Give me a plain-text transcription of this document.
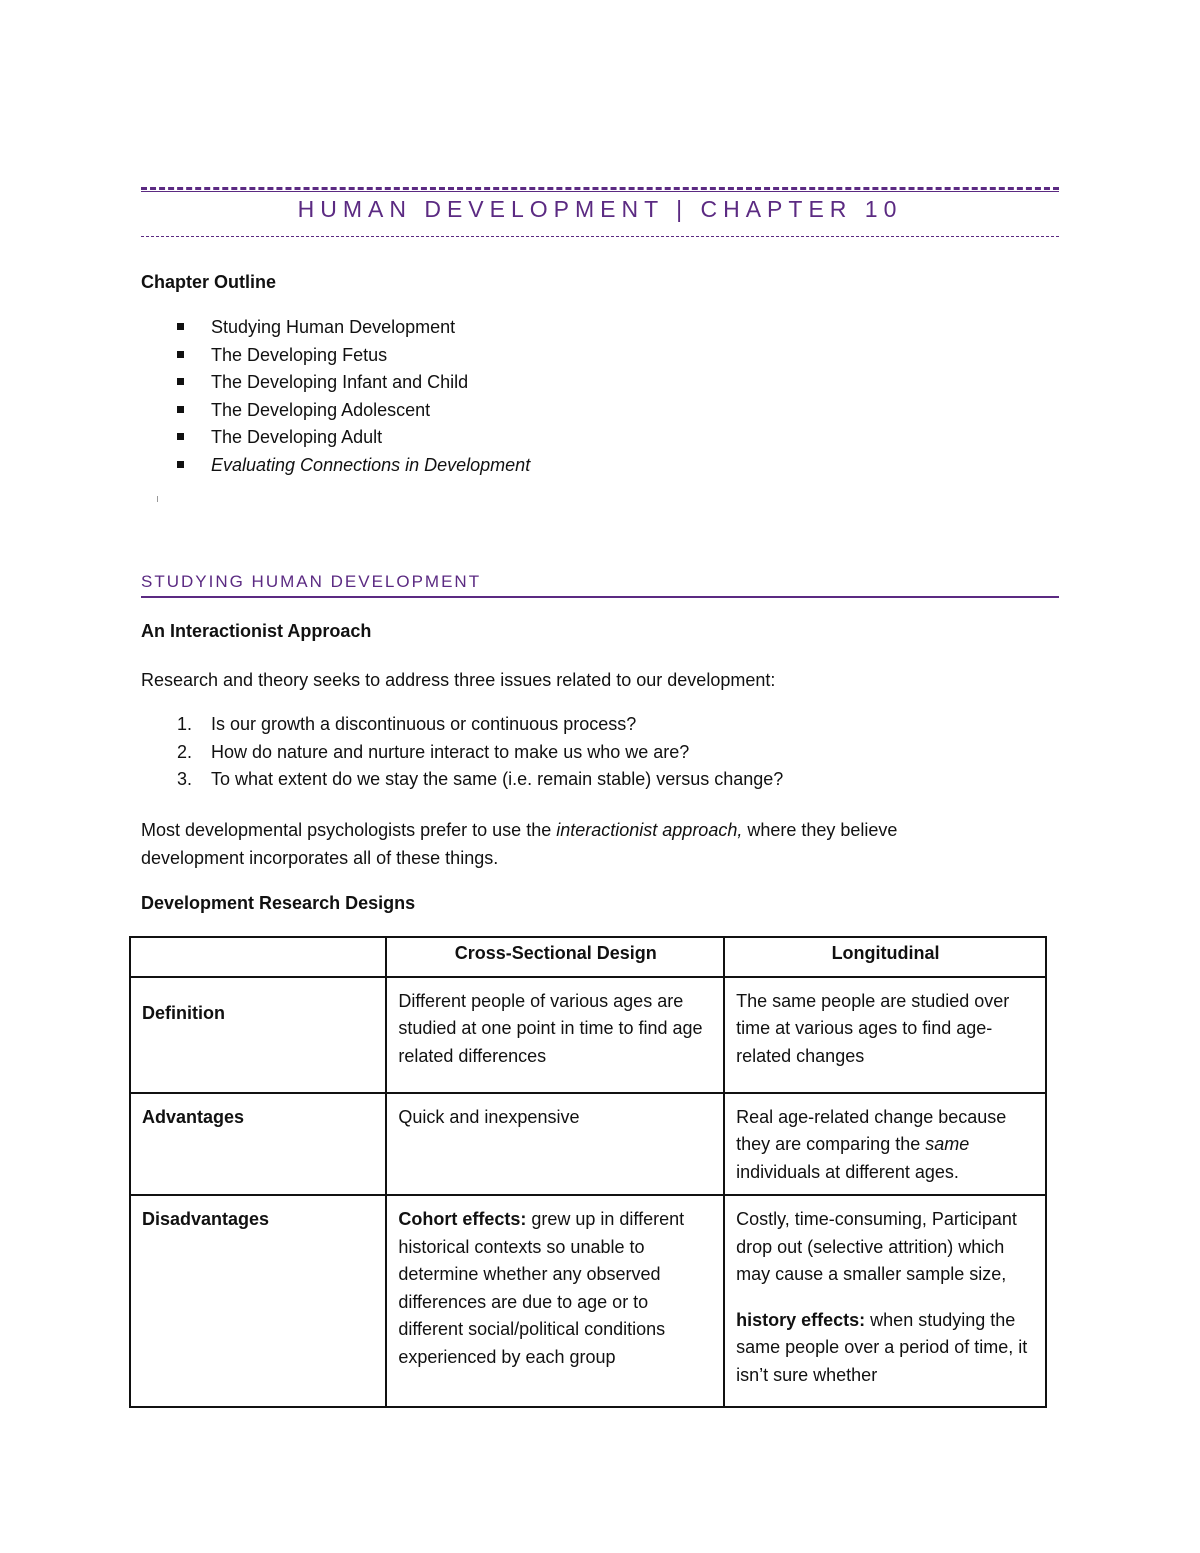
HUMAN DEVELOPMENT | CHAPTER 10
Chapter Outline
Studying Human Development
The Developing Fetus
The Developing Infant and Child
The Developing Adolescent
The Developing Adult
Evaluating Connections in Development
STUDYING HUMAN DEVELOPMENT
An Interactionist Approach
Research and theory seeks to address three issues related to our development:
1. Is our growth a discontinuous or continuous process?
2. How do nature and nurture interact to make us who we are?
3. To what extent do we stay the same (i.e. remain stable) versus change?
Most developmental psychologists prefer to use the interactionist approach, where they believe development incorporates all of these things.
Development Research Designs
	Cross-Sectional Design	Longitudinal
Definition	Different people of various ages are studied at one point in time to find age related differences	The same people are studied over time at various ages to find age-related changes
Advantages	Quick and inexpensive	Real age-related change because they are comparing the same individuals at different ages.
Disadvantages	Cohort effects: grew up in different historical contexts so unable to determine whether any observed differences are due to age or to different social/political conditions experienced by each group	Costly, time-consuming, Participant drop out (selective attrition) which may cause a smaller sample size,
history effects: when studying the same people over a period of time, it isn’t sure whether
